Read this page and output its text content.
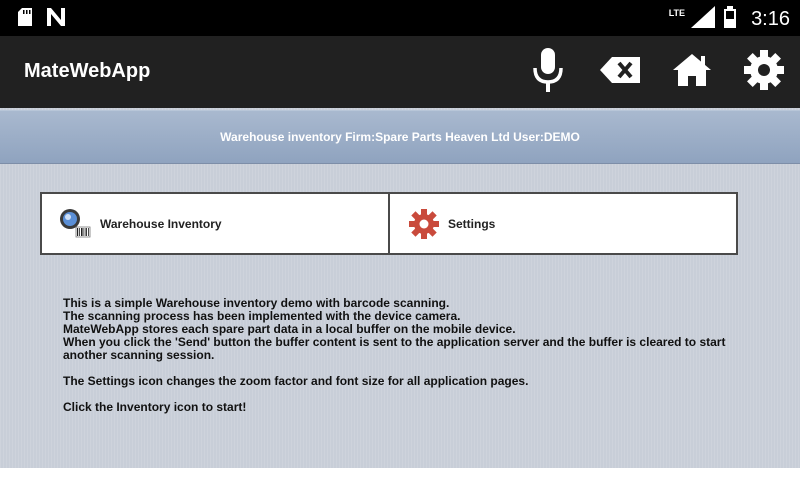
LTE	3:16
MateWebApp
Warehouse inventory Firm:Spare Parts Heaven Ltd User:DEMO
Warehouse Inventory	Settings

This is a simple Warehouse inventory demo with barcode scanning.

The scanning process has been implemented with the device camera.

MateWebApp stores each spare part data in a local buffer on the mobile device.

When you click the 'Send' button the buffer content is sent to the application server and the buffer is cleared to start another scanning session.

The Settings icon changes the zoom factor and font size for all application pages.

Click the Inventory icon to start!
